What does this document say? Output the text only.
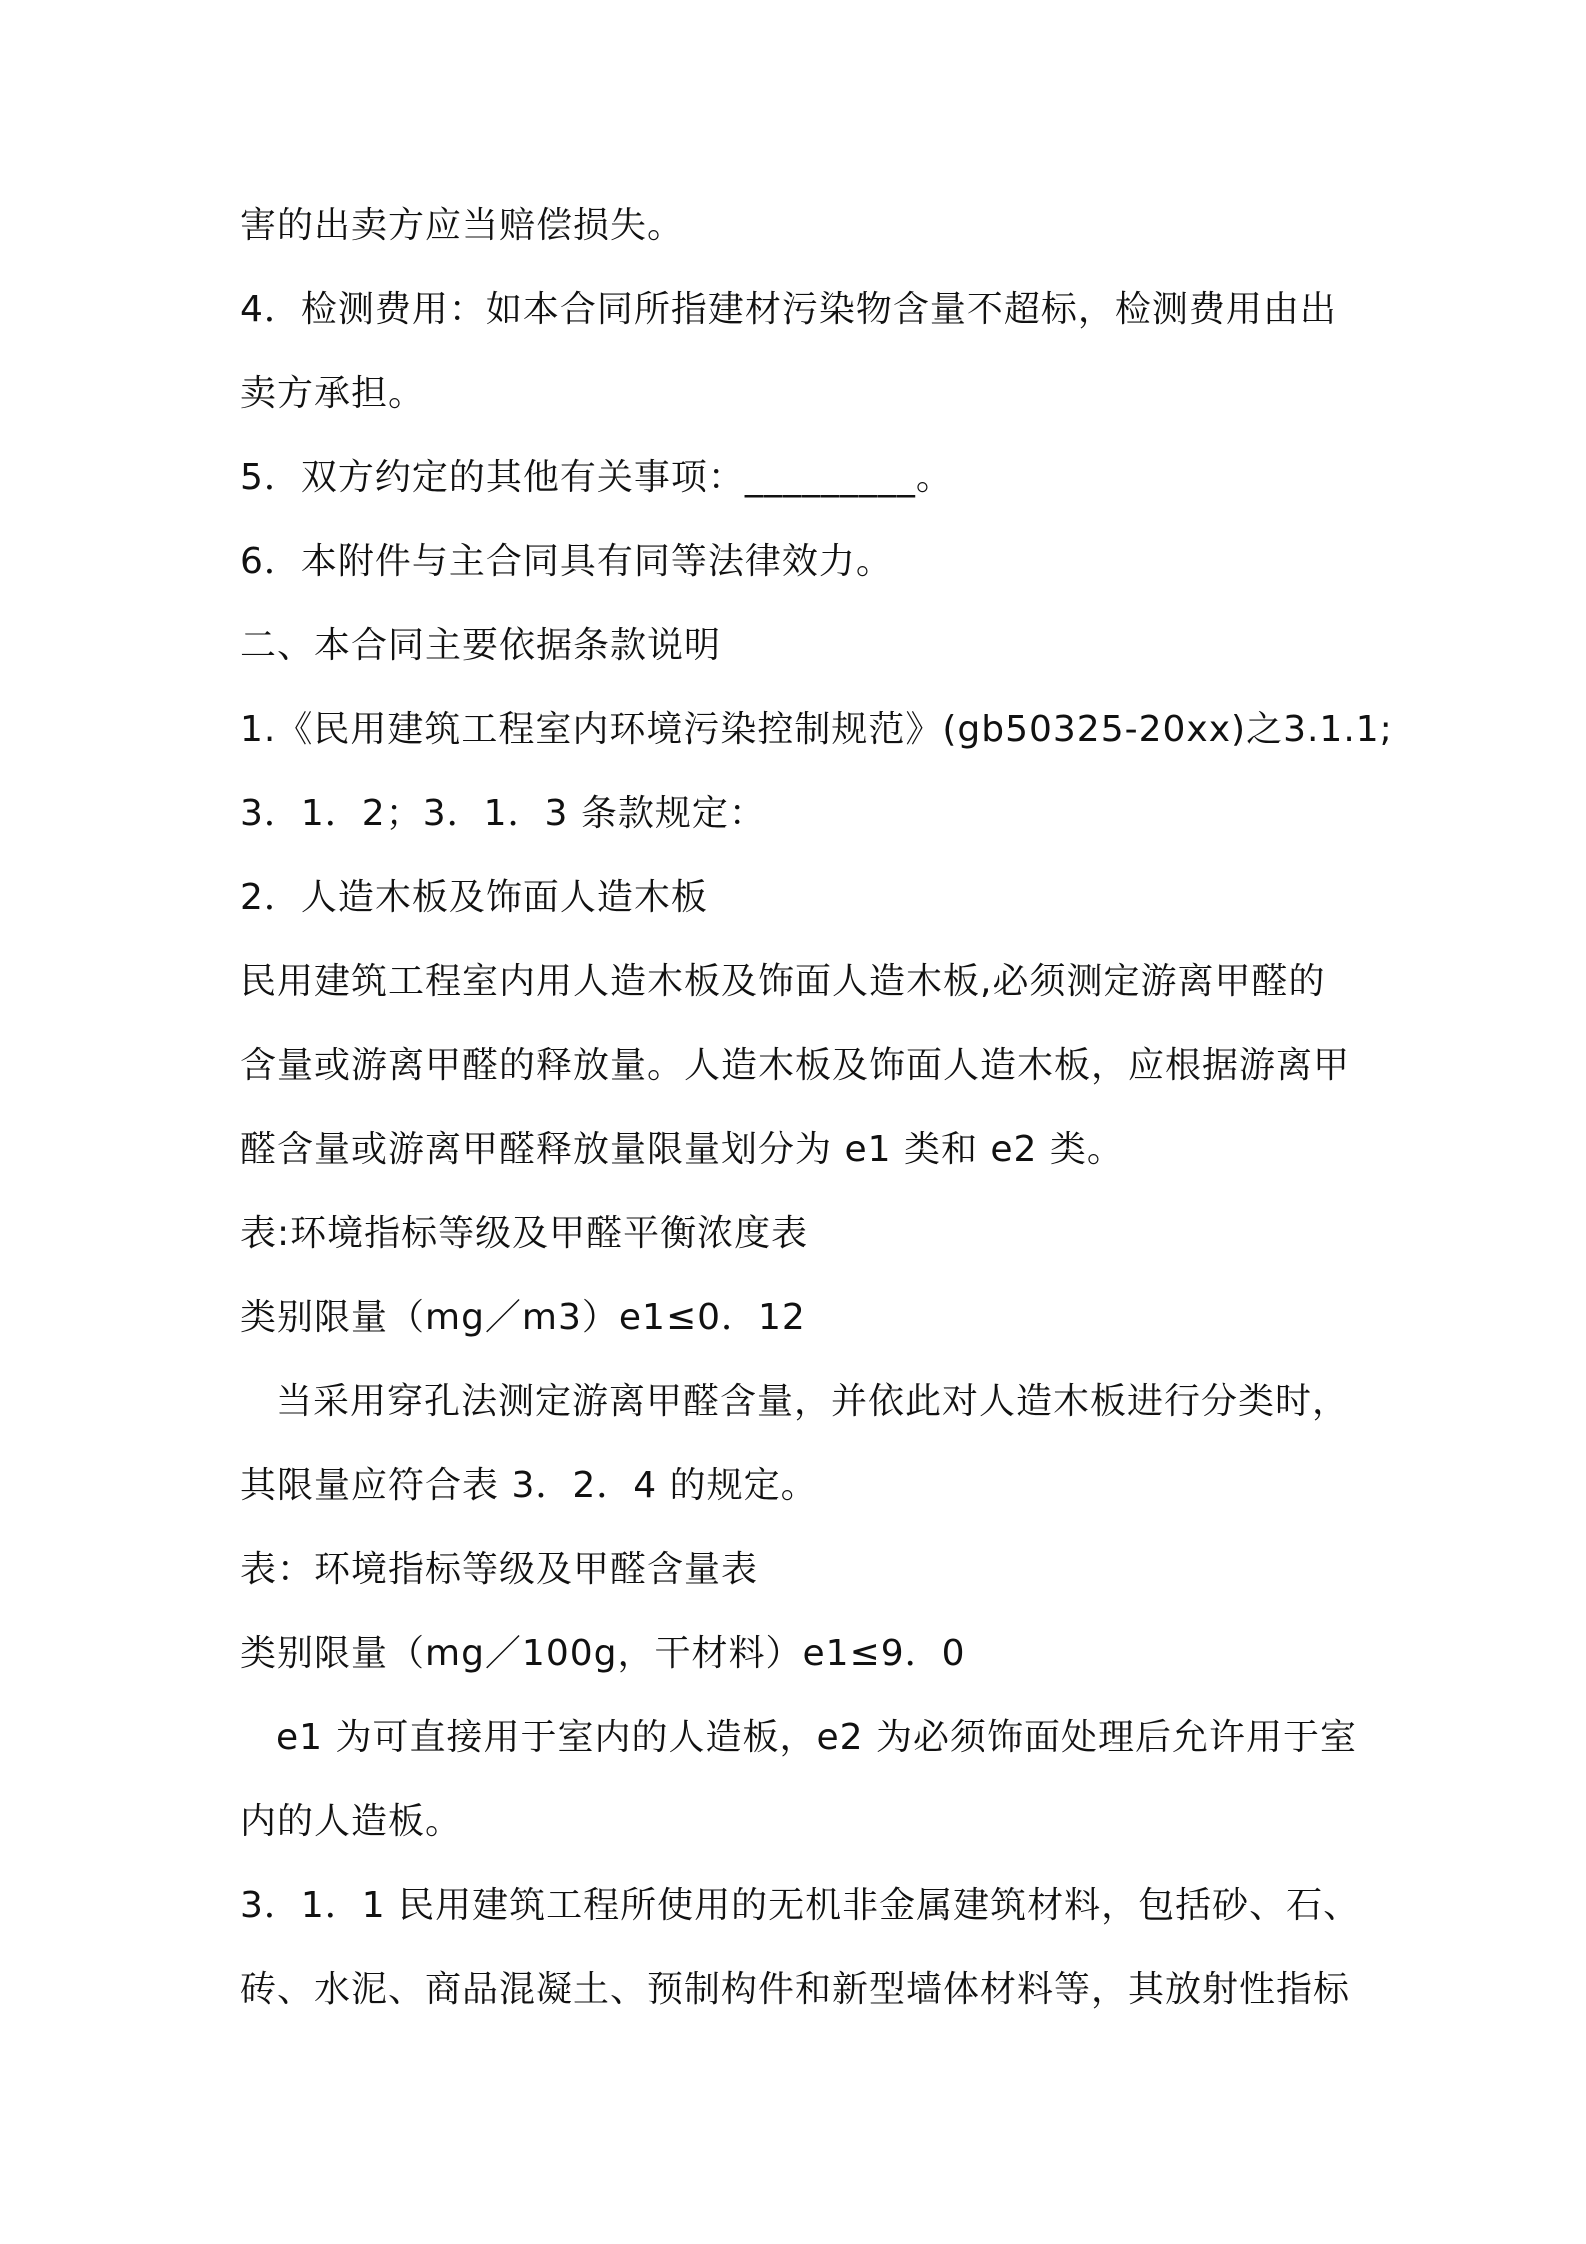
害的出卖方应当赔偿损失。
4．检测费用：如本合同所指建材污染物含量不超标，检测费用由出
卖方承担。
5．双方约定的其他有关事项：_________。
6．本附件与主合同具有同等法律效力。
二、本合同主要依据条款说明
1.《民用建筑工程室内环境污染控制规范》(gb50325-20xx)之3.1.1;
3．1．2；3．1．3 条款规定：
2．人造木板及饰面人造木板
民用建筑工程室内用人造木板及饰面人造木板,必须测定游离甲醛的
含量或游离甲醛的释放量。人造木板及饰面人造木板，应根据游离甲
醛含量或游离甲醛释放量限量划分为 e1 类和 e2 类。
表:环境指标等级及甲醛平衡浓度表
类别限量（mg／m3）e1≤0．12
当采用穿孔法测定游离甲醛含量，并依此对人造木板进行分类时，
其限量应符合表 3．2．4 的规定。
表：环境指标等级及甲醛含量表
类别限量（mg／100g，干材料）e1≤9．0
e1 为可直接用于室内的人造板，e2 为必须饰面处理后允许用于室
内的人造板。
3．1．1 民用建筑工程所使用的无机非金属建筑材料，包括砂、石、
砖、水泥、商品混凝土、预制构件和新型墙体材料等，其放射性指标
